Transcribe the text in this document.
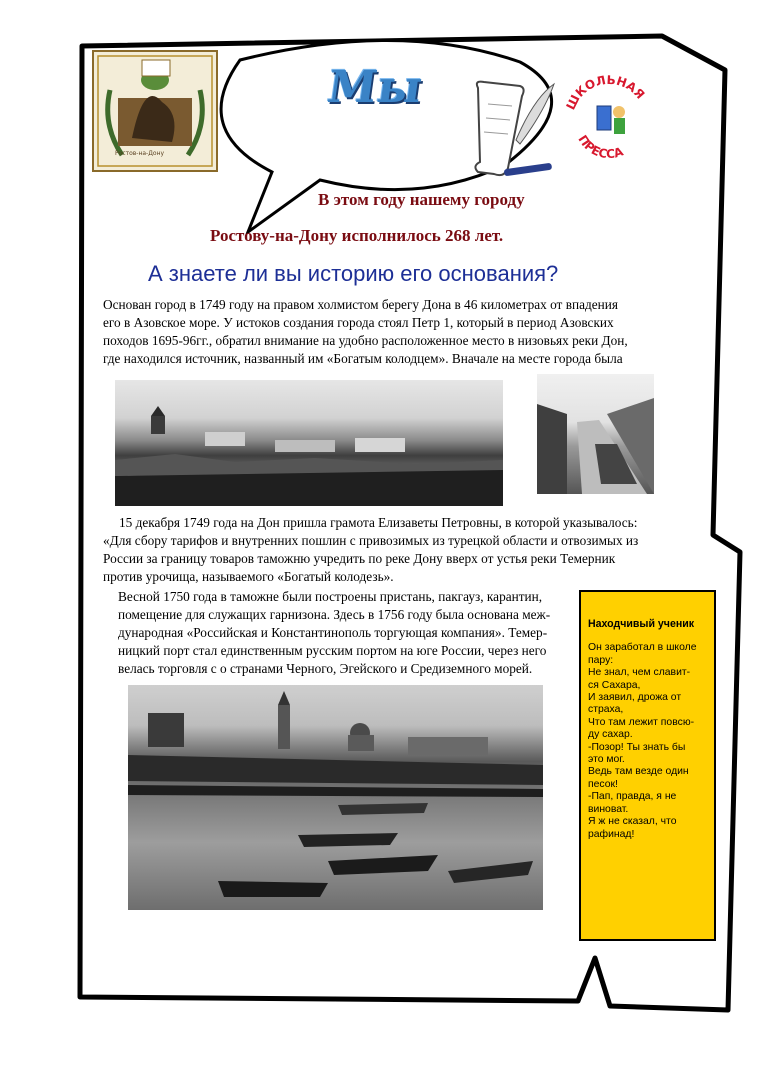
Ростов-на-Дону
Мы	ШКОЛЬНАЯ
ПРЕССА
В этом году нашему городу
Ростову-на-Дону исполнилось 268 лет.
А знаете ли вы историю его основания?
Основан город в 1749 году на правом холмистом берегу Дона в 46 километрах от впадения
его в Азовское море. У истоков создания города стоял Петр 1, который в период Азовских
походов 1695-96гг., обратил внимание на удобно расположенное место в низовьях реки Дон,
где находился источник, названный им «Богатым колодцем». Вначале на месте города была
15 декабря 1749 года на Дон пришла грамота Елизаветы Петровны, в которой указывалось:
«Для сбору тарифов и внутренних пошлин с привозимых из турецкой области и отвозимых из
России за границу товаров таможню учредить по реке Дону вверх от устья реки Темерник
против урочища, называемого «Богатый колодезь».
Весной 1750 года в таможне были построены пристань, пакгауз, карантин,
помещение для служащих гарнизона. Здесь в 1756 году была основана меж-
дународная «Российская и Константинополь торгующая компания». Темер-
ницкий порт стал единственным русским портом на юге России, через него
велась торговля с о странами Черного, Эгейского и Средиземного морей.
Находчивый ученик
Он заработал в школе
пару:
Не знал, чем славит-
ся Сахара,
И заявил, дрожа от
страха,
Что там лежит повсю-
ду сахар.
-Позор! Ты знать бы
это мог.
Ведь там везде один
песок!
-Пап, правда, я не
виноват.
Я ж не сказал, что
рафинад!
